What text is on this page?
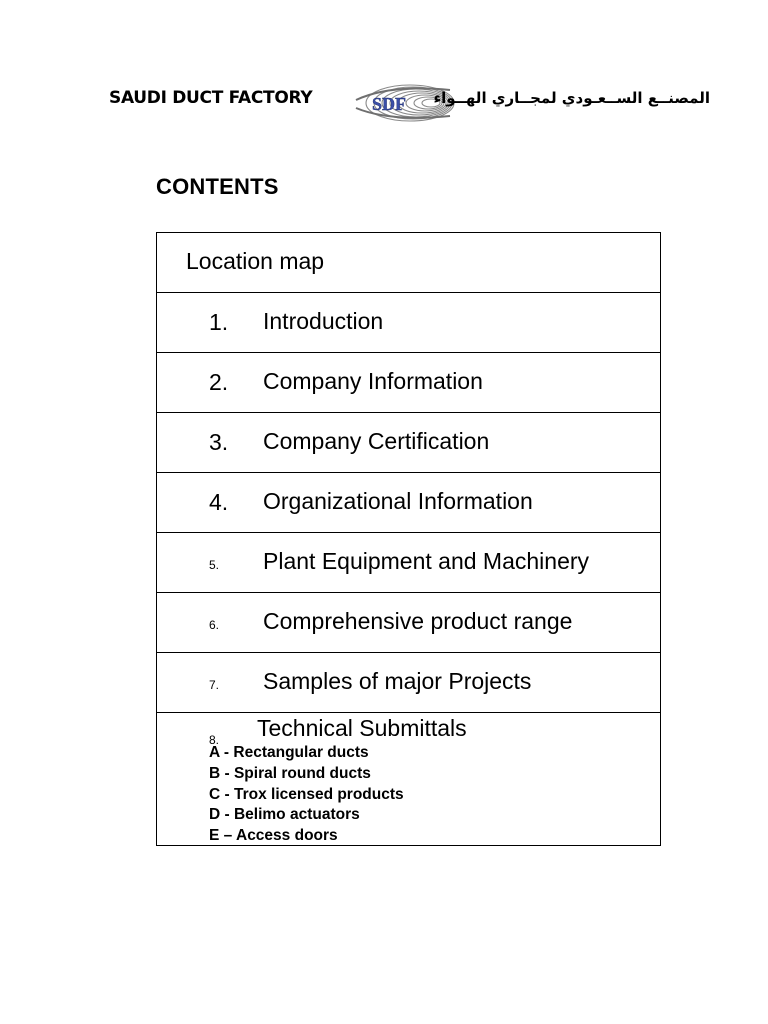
SAUDI DUCT FACTORY	SDF المصنــع الســعـودي لمجــاري الهــواء
CONTENTS
Location map
1. Introduction
2. Company Information
3. Company Certification
4. Organizational Information
5. Plant Equipment and Machinery
6. Comprehensive product range
7. Samples of major Projects
8. Technical Submittals
A - Rectangular ducts
B - Spiral round ducts
C - Trox licensed products
D - Belimo actuators
E – Access doors
